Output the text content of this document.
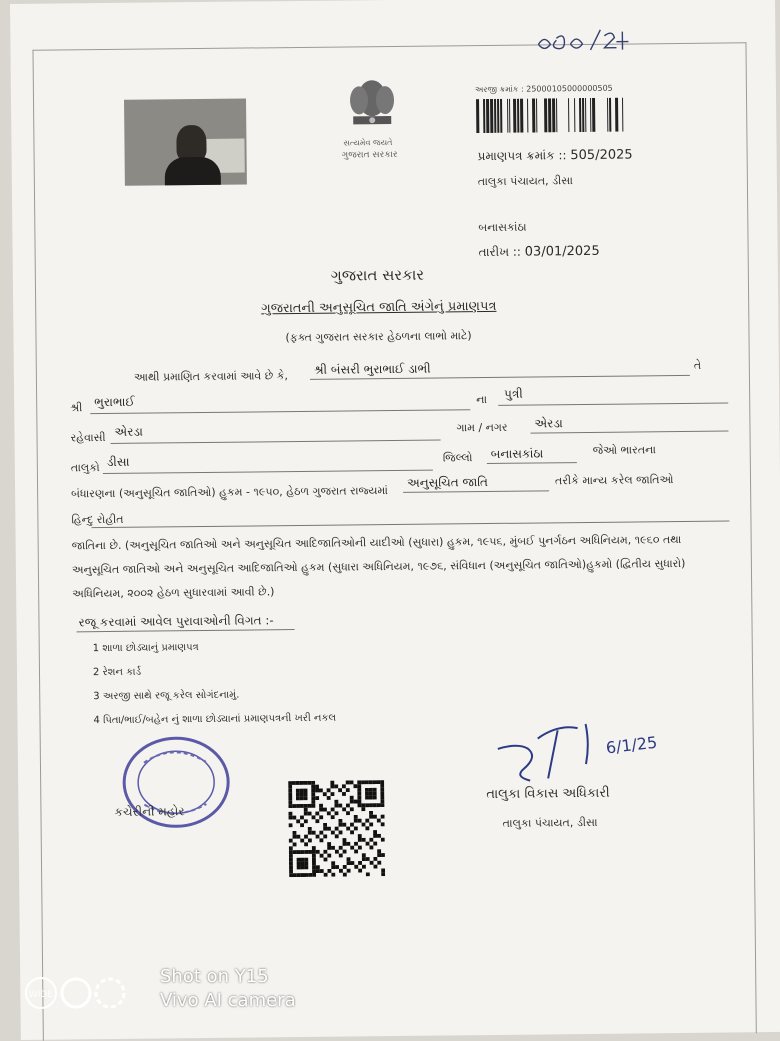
સત્યમેવ જયતે
ગુજરાત સરકાર
અરજી ક્રમાંક : 25000105000000505
પ્રમાણપત્ર ક્રમાંક :: 505/2025
તાલુકા પંચાયત, ડીસા
બનાસકાંઠા
તારીખ :: 03/01/2025
ગુજરાત સરકાર
ગુજરાતની અનુસૂચિત જાતિ અંગેનું પ્રમાણપત્ર
(ફક્ત ગુજરાત સરકાર હેઠળના લાભો માટે)
આથી પ્રમાણિત કરવામાં આવે છે કે, શ્રી બંસરી ભુરાભાઈ ડાભી	તે
શ્રી ભુરાભાઈ	ના પુત્રી
રહેવાસી એરડા	ગામ / નગર એરડા
તાલુકો ડીસા	જિલ્લો બનાસકાંઠા	જેઓ ભારતના
બંધારણના (અનુસૂચિત જાતિઓ) હુકમ - ૧૯૫૦, હેઠળ ગુજરાત રાજ્યમાં
અનુસૂચિત જાતિ	તરીકે માન્ય કરેલ જાતિઓ
હિન્દુ રોહીત
જાતિના છે. (અનુસૂચિત જાતિઓ અને અનુસૂચિત આદિજાતિઓની યાદીઓ (સુધારા) હુકમ, ૧૯૫૬, મુંબઈ પુનર્ગઠન અધિનિયમ, ૧૯૬૦ તથા
અનુસૂચિત જાતિઓ અને અનુસૂચિત આદિજાતિઓ હુકમ (સુધારા અધિનિયમ, ૧૯૭૬, સંવિધાન (અનુસૂચિત જાતિઓ)હુકમો (દ્વિતીય સુધારો)
અધિનિયમ, ૨૦૦૨ હેઠળ સુધારવામાં આવી છે.)
રજૂ કરવામાં આવેલ પુરાવાઓની વિગત :-
1 શાળા છોડ્યાનું પ્રમાણપત્ર
2 રેશન કાર્ડ
3 અરજી સાથે રજૂ કરેલ સોગંદનામું.
4 પિતા/ભાઈ/બહેન નું શાળા છોડ્યાનાં પ્રમાણપત્રની ખરી નકલ
કચેરીની મહોર
6/1/25
તાલુકા વિકાસ અધિકારી
તાલુકા પંચાયત, ડીસા
WIDE
Shot on Y15
Vivo AI camera
